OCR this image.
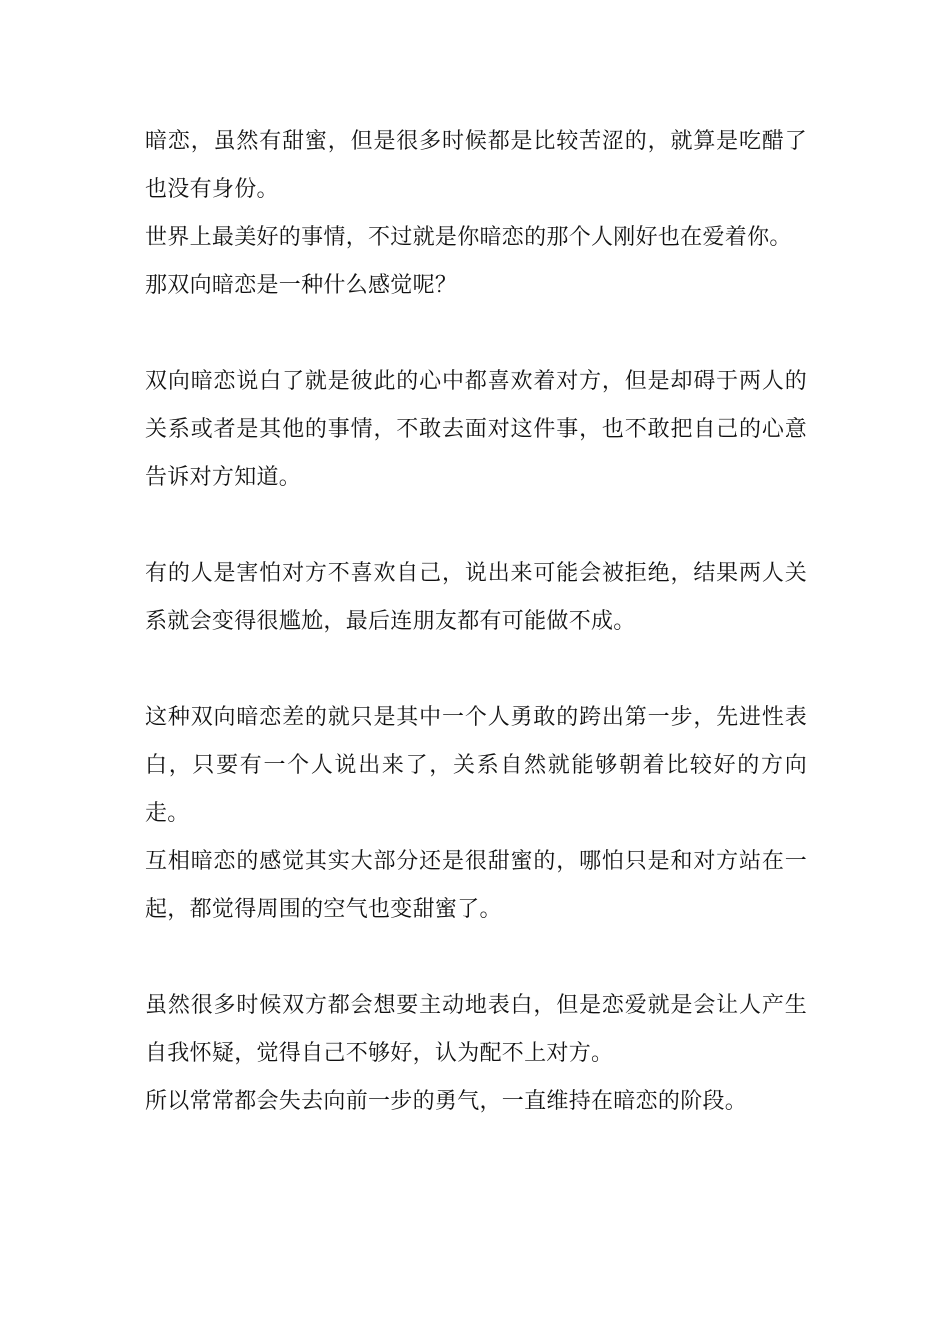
暗恋，虽然有甜蜜，但是很多时候都是比较苦涩的，就算是吃醋了也没有身份。

世界上最美好的事情，不过就是你暗恋的那个人刚好也在爱着你。

那双向暗恋是一种什么感觉呢？

双向暗恋说白了就是彼此的心中都喜欢着对方，但是却碍于两人的关系或者是其他的事情，不敢去面对这件事，也不敢把自己的心意告诉对方知道。

有的人是害怕对方不喜欢自己，说出来可能会被拒绝，结果两人关系就会变得很尴尬，最后连朋友都有可能做不成。

这种双向暗恋差的就只是其中一个人勇敢的跨出第一步，先进性表白，只要有一个人说出来了，关系自然就能够朝着比较好的方向走。

互相暗恋的感觉其实大部分还是很甜蜜的，哪怕只是和对方站在一起，都觉得周围的空气也变甜蜜了。

虽然很多时候双方都会想要主动地表白，但是恋爱就是会让人产生自我怀疑，觉得自己不够好，认为配不上对方。

所以常常都会失去向前一步的勇气，一直维持在暗恋的阶段。
